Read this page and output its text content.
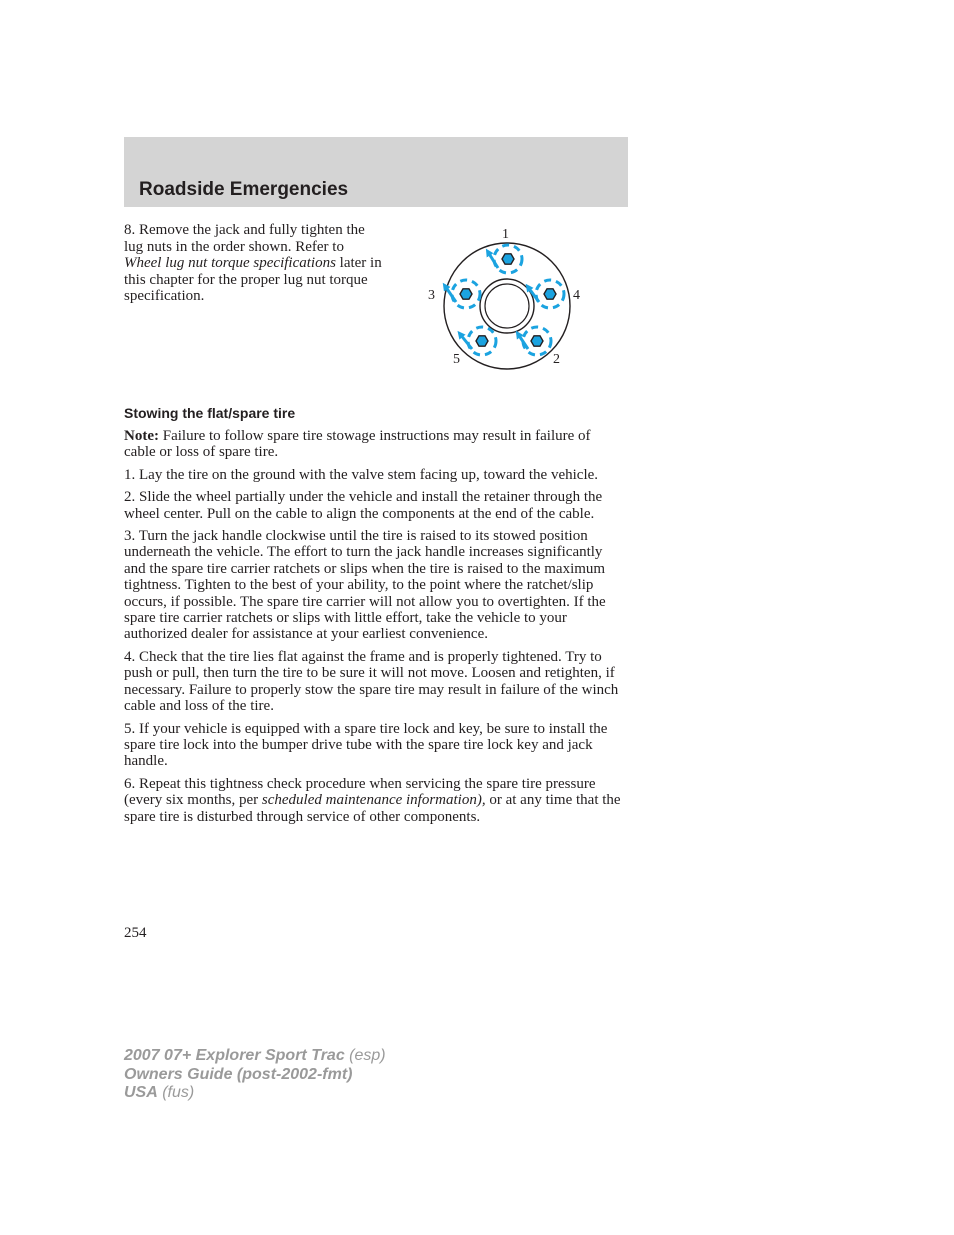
Roadside Emergencies

8. Remove the jack and fully tighten the lug nuts in the order shown. Refer to Wheel lug nut torque specifications later in this chapter for the proper lug nut torque specification.

1
2
3	4
5
Stowing the flat/spare tire

Note: Failure to follow spare tire stowage instructions may result in failure of cable or loss of spare tire.

1. Lay the tire on the ground with the valve stem facing up, toward the vehicle.

2. Slide the wheel partially under the vehicle and install the retainer through the wheel center. Pull on the cable to align the components at the end of the cable.

3. Turn the jack handle clockwise until the tire is raised to its stowed position underneath the vehicle. The effort to turn the jack handle increases significantly and the spare tire carrier ratchets or slips when the tire is raised to the maximum tightness. Tighten to the best of your ability, to the point where the ratchet/slip occurs, if possible. The spare tire carrier will not allow you to overtighten. If the spare tire carrier ratchets or slips with little effort, take the vehicle to your authorized dealer for assistance at your earliest convenience.

4. Check that the tire lies flat against the frame and is properly tightened. Try to push or pull, then turn the tire to be sure it will not move. Loosen and retighten, if necessary. Failure to properly stow the spare tire may result in failure of the winch cable and loss of the tire.

5. If your vehicle is equipped with a spare tire lock and key, be sure to install the spare tire lock into the bumper drive tube with the spare tire lock key and jack handle.

6. Repeat this tightness check procedure when servicing the spare tire pressure (every six months, per scheduled maintenance information), or at any time that the spare tire is disturbed through service of other components.

254

2007 07+ Explorer Sport Trac (esp)
Owners Guide (post-2002-fmt)
USA (fus)
